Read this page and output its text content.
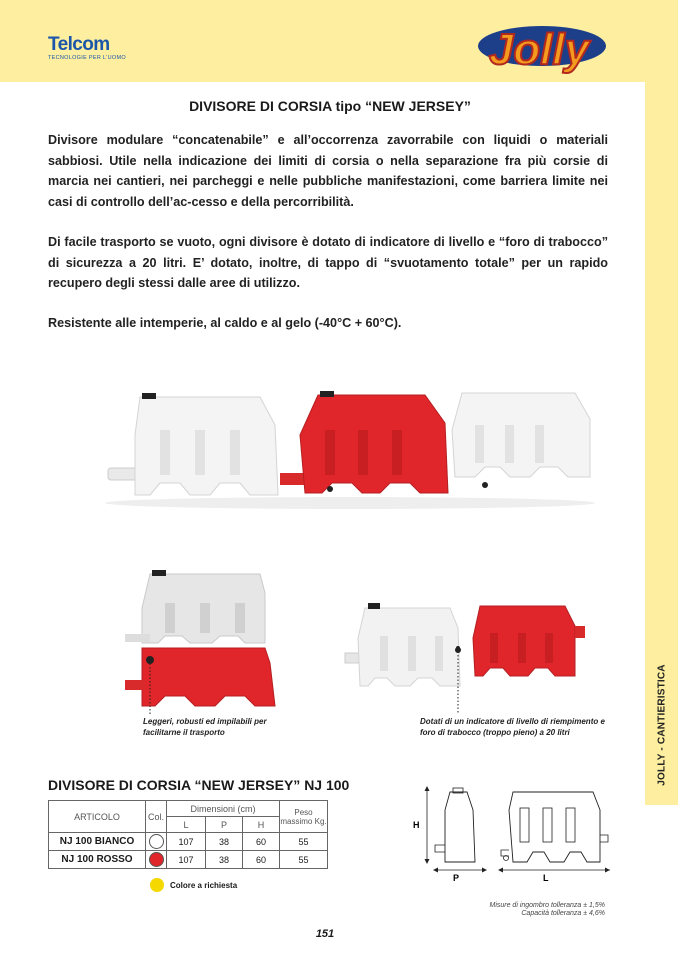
JOLLY - CANTIERISTICA
Telcom
TECNOLOGIE PER L'UOMO	Jolly
DIVISORE DI CORSIA tipo “NEW JERSEY”

Divisore modulare “concatenabile” e all’occorrenza zavorrabile con liquidi o materiali sabbiosi. Utile nella indicazione dei limiti di corsia o nella separazione fra più corsie di marcia nei cantieri, nei parcheggi e nelle pubbliche manifestazioni, come barriera limite nei casi di controllo dell’ac-cesso e della percorribilità.

Di facile trasporto se vuoto, ogni divisore è dotato di indicatore di livello e “foro di trabocco” di sicurezza a 20 litri. E’ dotato, inoltre, di tappo di “svuotamento totale” per un rapido recupero degli stessi dalle aree di utilizzo.

Resistente alle intemperie, al caldo e al gelo (-40°C + 60°C).

Leggeri, robusti ed impilabili per facilitarne il trasporto
Dotati di un indicatore di livello di riempimento e foro di trabocco (troppo pieno) a 20 litri
DIVISORE DI CORSIA “NEW JERSEY” NJ 100
ARTICOLO	Col.	Dimensioni (cm)			Peso massimo Kg.
		L	P	H	
NJ 100 BIANCO		107	38	60	55
NJ 100 ROSSO		107	38	60	55
Colore a richiesta
H
P	L
Misure di ingombro tolleranza ± 1,5%
Capacità tolleranza ± 4,6%
151
